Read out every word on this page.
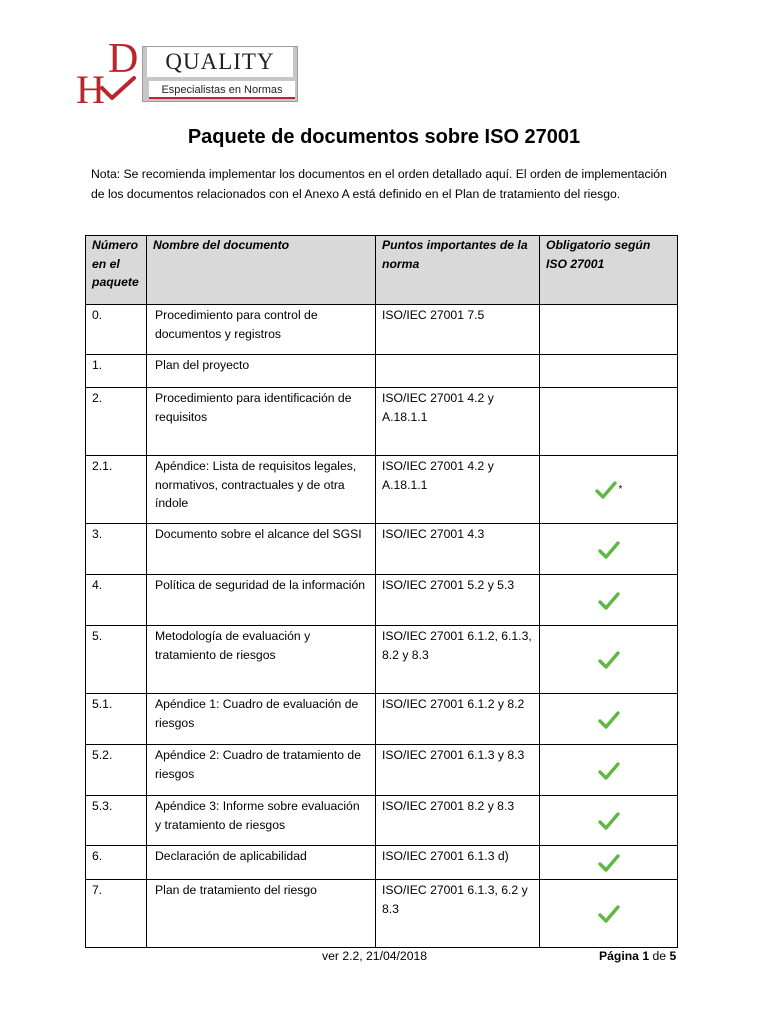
D
H
QUALITY
Especialistas en Normas
Paquete de documentos sobre ISO 27001
Nota: Se recomienda implementar los documentos en el orden detallado aquí. El orden de implementación de los documentos relacionados con el Anexo A está definido en el Plan de tratamiento del riesgo.
Número en el paquete	Nombre del documento	Puntos importantes de la norma	Obligatorio según ISO 27001
0.	Procedimiento para control de documentos y registros	ISO/IEC 27001 7.5	
1.	Plan del proyecto		
2.	Procedimiento para identificación de requisitos	ISO/IEC 27001 4.2 y A.18.1.1	
2.1.	Apéndice: Lista de requisitos legales, normativos, contractuales y de otra índole	ISO/IEC 27001 4.2 y A.18.1.1	*
3.	Documento sobre el alcance del SGSI	ISO/IEC 27001 4.3	
4.	Política de seguridad de la información	ISO/IEC 27001 5.2 y 5.3	
5.	Metodología de evaluación y tratamiento de riesgos	ISO/IEC 27001 6.1.2, 6.1.3, 8.2 y 8.3	
5.1.	Apéndice 1: Cuadro de evaluación de riesgos	ISO/IEC 27001 6.1.2 y 8.2	
5.2.	Apéndice 2: Cuadro de tratamiento de riesgos	ISO/IEC 27001 6.1.3 y 8.3	
5.3.	Apéndice 3: Informe sobre evaluación y tratamiento de riesgos	ISO/IEC 27001 8.2 y 8.3	
6.	Declaración de aplicabilidad	ISO/IEC 27001 6.1.3 d)	
7.	Plan de tratamiento del riesgo	ISO/IEC 27001 6.1.3, 6.2 y 8.3	
ver 2.2, 21/04/2018	Página 1 de 5
